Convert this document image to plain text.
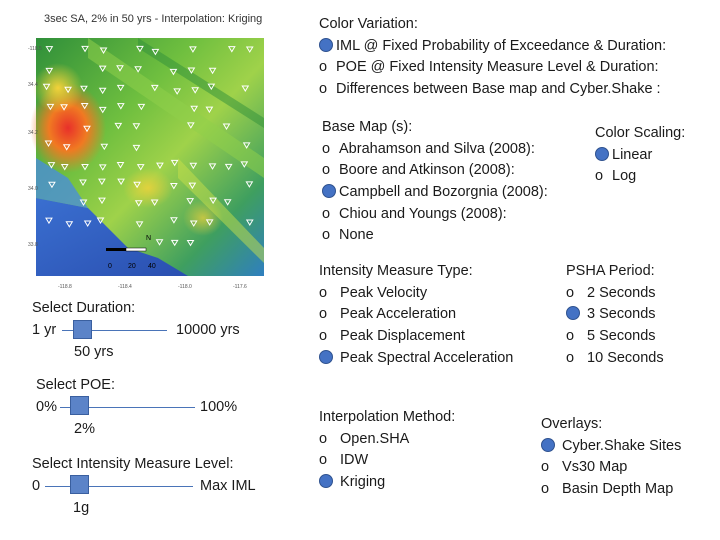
-118.5
34.4
34.2
34.0
33.8
-118.8	-118.4	-118.0	-117.6
0 20 40
N
3sec SA, 2% in 50 yrs - Interpolation: Kriging	Color Variation:
IML @ Fixed Probability of Exceedance & Duration:
o POE @ Fixed Intensity Measure Level & Duration:
o Differences between Base map and Cyber.Shake :
Base Map (s):
o Abrahamson and Silva (2008):
o Boore and Atkinson (2008):
Campbell and Bozorgnia (2008):
o Chiou and Youngs (2008):
o None
Color Scaling:
Linear
o Log
Intensity Measure Type:
o Peak Velocity
o Peak Acceleration
o Peak Displacement
Peak Spectral Acceleration
PSHA Period:
o 2 Seconds
3 Seconds
o 5 Seconds
o 10 Seconds
Interpolation Method:
o Open.SHA
o IDW
Kriging
Overlays:
Cyber.Shake Sites
o Vs30 Map
o Basin Depth Map
Select Duration:
1 yr	10000 yrs
50 yrs
Select POE:
0%	100%
2%
Select Intensity Measure Level:
0	Max IML
1g
